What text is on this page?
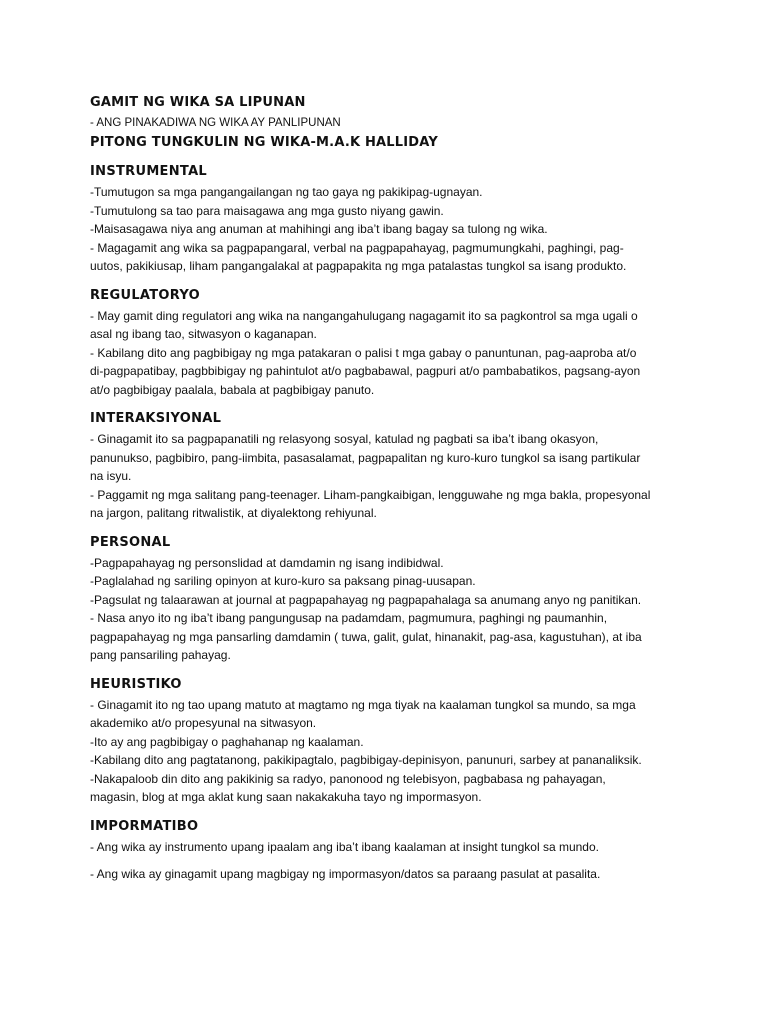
GAMIT NG WIKA SA LIPUNAN

- ANG PINAKADIWA NG WIKA AY PANLIPUNAN

PITONG TUNGKULIN NG WIKA-M.A.K HALLIDAY
INSTRUMENTAL

-Tumutugon sa mga pangangailangan ng tao gaya ng pakikipag-ugnayan.

-Tumutulong sa tao para maisagawa ang mga gusto niyang gawin.

-Maisasagawa niya ang anuman at mahihingi ang iba’t ibang bagay sa tulong ng wika.

- Magagamit ang wika sa pagpapangaral, verbal na pagpapahayag, pagmumungkahi, paghingi, pag-

uutos, pakikiusap, liham pangangalakal at pagpapakita ng mga patalastas tungkol sa isang produkto.

REGULATORYO

- May gamit ding regulatori ang wika na nangangahulugang nagagamit ito sa pagkontrol sa mga ugali o

asal ng ibang tao, sitwasyon o kaganapan.

- Kabilang dito ang pagbibigay ng mga patakaran o palisi t mga gabay o panuntunan, pag-aaproba at/o

di-pagpapatibay, pagbbibigay ng pahintulot at/o pagbabawal, pagpuri at/o pambabatikos, pagsang-ayon

at/o pagbibigay paalala, babala at pagbibigay panuto.

INTERAKSIYONAL

- Ginagamit ito sa pagpapanatili ng relasyong sosyal, katulad ng pagbati sa iba’t ibang okasyon,

panunukso, pagbibiro, pang-iimbita, pasasalamat, pagpapalitan ng kuro-kuro tungkol sa isang partikular

na isyu.

- Paggamit ng mga salitang pang-teenager. Liham-pangkaibigan, lengguwahe ng mga bakla, propesyonal

na jargon, palitang ritwalistik, at diyalektong rehiyunal.

PERSONAL

-Pagpapahayag ng personslidad at damdamin ng isang indibidwal.

-Paglalahad ng sariling opinyon at kuro-kuro sa paksang pinag-uusapan.

-Pagsulat ng talaarawan at journal at pagpapahayag ng pagpapahalaga sa anumang anyo ng panitikan.

- Nasa anyo ito ng iba’t ibang pangungusap na padamdam, pagmumura, paghingi ng paumanhin,

pagpapahayag ng mga pansarling damdamin ( tuwa, galit, gulat, hinanakit, pag-asa, kagustuhan), at iba

pang pansariling pahayag.

HEURISTIKO

- Ginagamit ito ng tao upang matuto at magtamo ng mga tiyak na kaalaman tungkol sa mundo, sa mga

akademiko at/o propesyunal na sitwasyon.

-Ito ay ang pagbibigay o paghahanap ng kaalaman.

-Kabilang dito ang pagtatanong, pakikipagtalo, pagbibigay-depinisyon, panunuri, sarbey at pananaliksik.

-Nakapaloob din dito ang pakikinig sa radyo, panonood ng telebisyon, pagbabasa ng pahayagan,

magasin, blog at mga aklat kung saan nakakakuha tayo ng impormasyon.

IMPORMATIBO

- Ang wika ay instrumento upang ipaalam ang iba’t ibang kaalaman at insight tungkol sa mundo.

- Ang wika ay ginagamit upang magbigay ng impormasyon/datos sa paraang pasulat at pasalita.
